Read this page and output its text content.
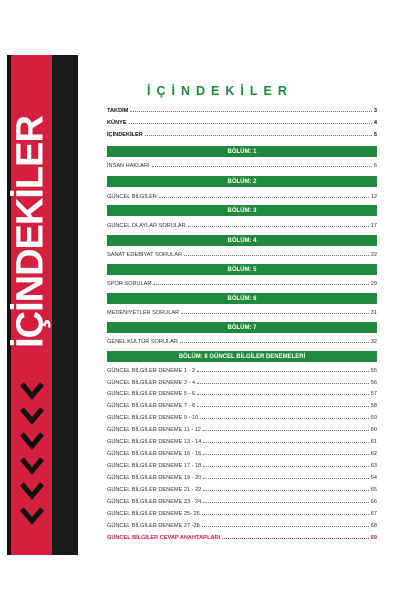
İÇİNDEKİLER
İÇİNDEKİLER
TAKDİM	3
KÜNYE	4
İÇİNDEKİLER	5
BÖLÜM: 1
İNSAN HAKLARI	6
BÖLÜM: 2
GÜNCEL BİLGİLER	12
BÖLÜM: 3
GÜNCEL OLAYLAR SORULAR	17
BÖLÜM: 4
SANAT EDEBİYAT SORULAR	22
BÖLÜM: 5
SPOR SORULAR	29
BÖLÜM: 6
MEDENİYETLER SORULAR	31
BÖLÜM: 7
GENEL KÜLTÜR SORULAR	32
BÖLÜM: 8 GÜNCEL BİLGİLER DENEMELERİ
GÜNCEL BİLGİLER DENEME 1 - 2	55
GÜNCEL BİLGİLER DENEME 3 - 4	56
GÜNCEL BİLGİLER DENEME 5 - 6	57
GÜNCEL BİLGİLER DENEME 7 - 8	58
GÜNCEL BİLGİLER DENEME 9 - 10	59
GÜNCEL BİLGİLER DENEME 11 - 12	60
GÜNCEL BİLGİLER DENEME 13 - 14	61
GÜNCEL BİLGİLER DENEME 15 - 16	62
GÜNCEL BİLGİLER DENEME 17 - 18	63
GÜNCEL BİLGİLER DENEME 19 - 20	64
GÜNCEL BİLGİLER DENEME 21 - 22	65
GÜNCEL BİLGİLER DENEME 23 - 24	66
GÜNCEL BİLGİLER DENEME 25- 26	67
GÜNCEL BİLGİLER DENEME 27 -28	68
GÜNCEL BİLGİLER CEVAP ANAHTARLARI	69
